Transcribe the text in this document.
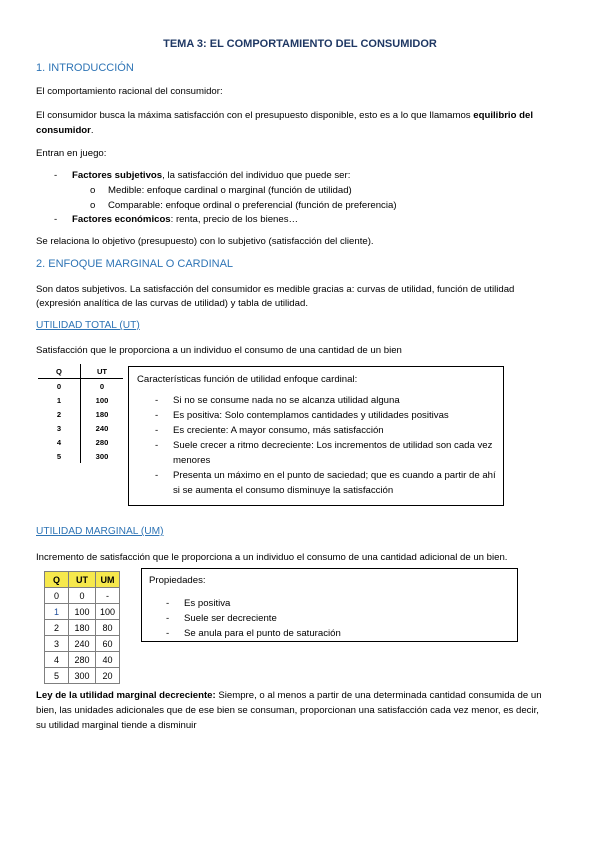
TEMA 3: EL COMPORTAMIENTO DEL CONSUMIDOR
1. INTRODUCCIÓN
El comportamiento racional del consumidor:
El consumidor busca la máxima satisfacción con el presupuesto disponible, esto es a lo que llamamos equilibrio del
consumidor.
Entran en juego:
- Factores subjetivos, la satisfacción del individuo que puede ser:
o Medible: enfoque cardinal o marginal (función de utilidad)
o Comparable: enfoque ordinal o preferencial (función de preferencia)
- Factores económicos: renta, precio de los bienes…
Se relaciona lo objetivo (presupuesto) con lo subjetivo (satisfacción del cliente).
2. ENFOQUE MARGINAL O CARDINAL
Son datos subjetivos. La satisfacción del consumidor es medible gracias a: curvas de utilidad, función de utilidad
(expresión analítica de las curvas de utilidad) y tabla de utilidad.
UTILIDAD TOTAL (UT)
Satisfacción que le proporciona a un individuo el consumo de una cantidad de un bien
Q	UT
0	0
1	100
2	180
3	240
4	280
5	300
Características función de utilidad enfoque cardinal:
- Si no se consume nada no se alcanza utilidad alguna
- Es positiva: Solo contemplamos cantidades y utilidades positivas
- Es creciente: A mayor consumo, más satisfacción
- Suele crecer a ritmo decreciente: Los incrementos de utilidad son cada vez menores
- Presenta un máximo en el punto de saciedad; que es cuando a partir de ahí si se aumenta el consumo disminuye la satisfacción
UTILIDAD MARGINAL (UM)
Incremento de satisfacción que le proporciona a un individuo el consumo de una cantidad adicional de un bien.
Q	UT	UM
0	0	-
1	100	100
2	180	80
3	240	60
4	280	40
5	300	20
Propiedades:
- Es positiva
- Suele ser decreciente
- Se anula para el punto de saturación
Ley de la utilidad marginal decreciente: Siempre, o al menos a partir de una determinada cantidad consumida de un
bien, las unidades adicionales que de ese bien se consuman, proporcionan una satisfacción cada vez menor, es decir,
su utilidad marginal tiende a disminuir
